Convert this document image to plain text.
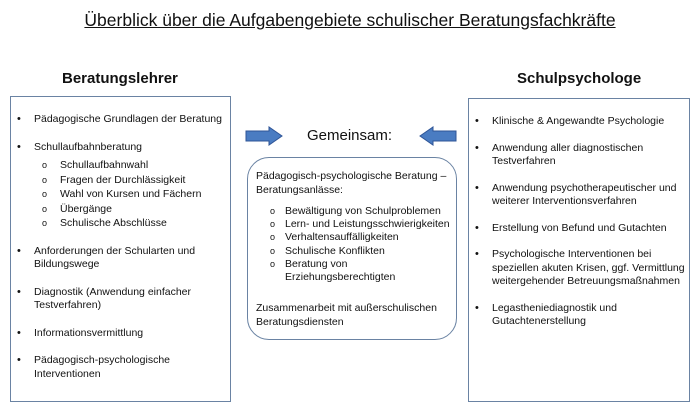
Überblick über die Aufgabengebiete schulischer Beratungsfachkräfte
Beratungslehrer	Schulpsychologe
• Pädagogische Grundlagen der Beratung
• Schullaufbahnberatung
o Schullaufbahnwahl
o Fragen der Durchlässigkeit
o Wahl von Kursen und Fächern
o Übergänge
o Schulische Abschlüsse
• Anforderungen der Schularten und Bildungswege
• Diagnostik (Anwendung einfacher Testverfahren)
• Informationsvermittlung
• Pädagogisch-psychologische Interventionen
Gemeinsam:
Pädagogisch-psychologische Beratung – Beratungsanlässe:
o Bewältigung von Schulproblemen
o Lern- und Leistungsschwierigkeiten
o Verhaltensauffälligkeiten
o Schulische Konflikten
o Beratung von Erziehungsberechtigten
Zusammenarbeit mit außerschulischen Beratungsdiensten
• Klinische & Angewandte Psychologie
• Anwendung aller diagnostischen Testverfahren
• Anwendung psychotherapeutischer und weiterer Interventionsverfahren
• Erstellung von Befund und Gutachten
• Psychologische Interventionen bei speziellen akuten Krisen, ggf. Vermittlung weitergehender Betreuungsmaßnahmen
• Legastheniediagnostik und Gutachtenerstellung
